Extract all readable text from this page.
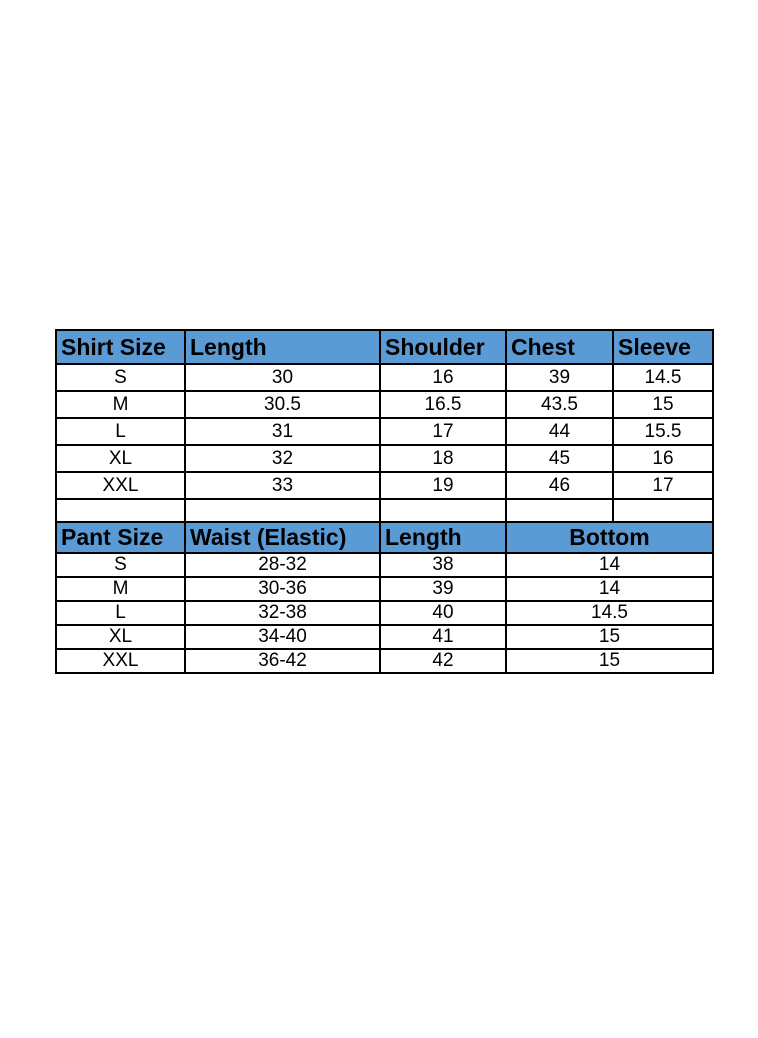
Shirt Size	Length	Shoulder	Chest	Sleeve
S	30	16	39	14.5
M	30.5	16.5	43.5	15
L	31	17	44	15.5
XL	32	18	45	16
XXL	33	19	46	17

Pant Size	Waist (Elastic)	Length	Bottom	
S	28-32	38	14	
M	30-36	39	14	
L	32-38	40	14.5	
XL	34-40	41	15	
XXL	36-42	42	15	
